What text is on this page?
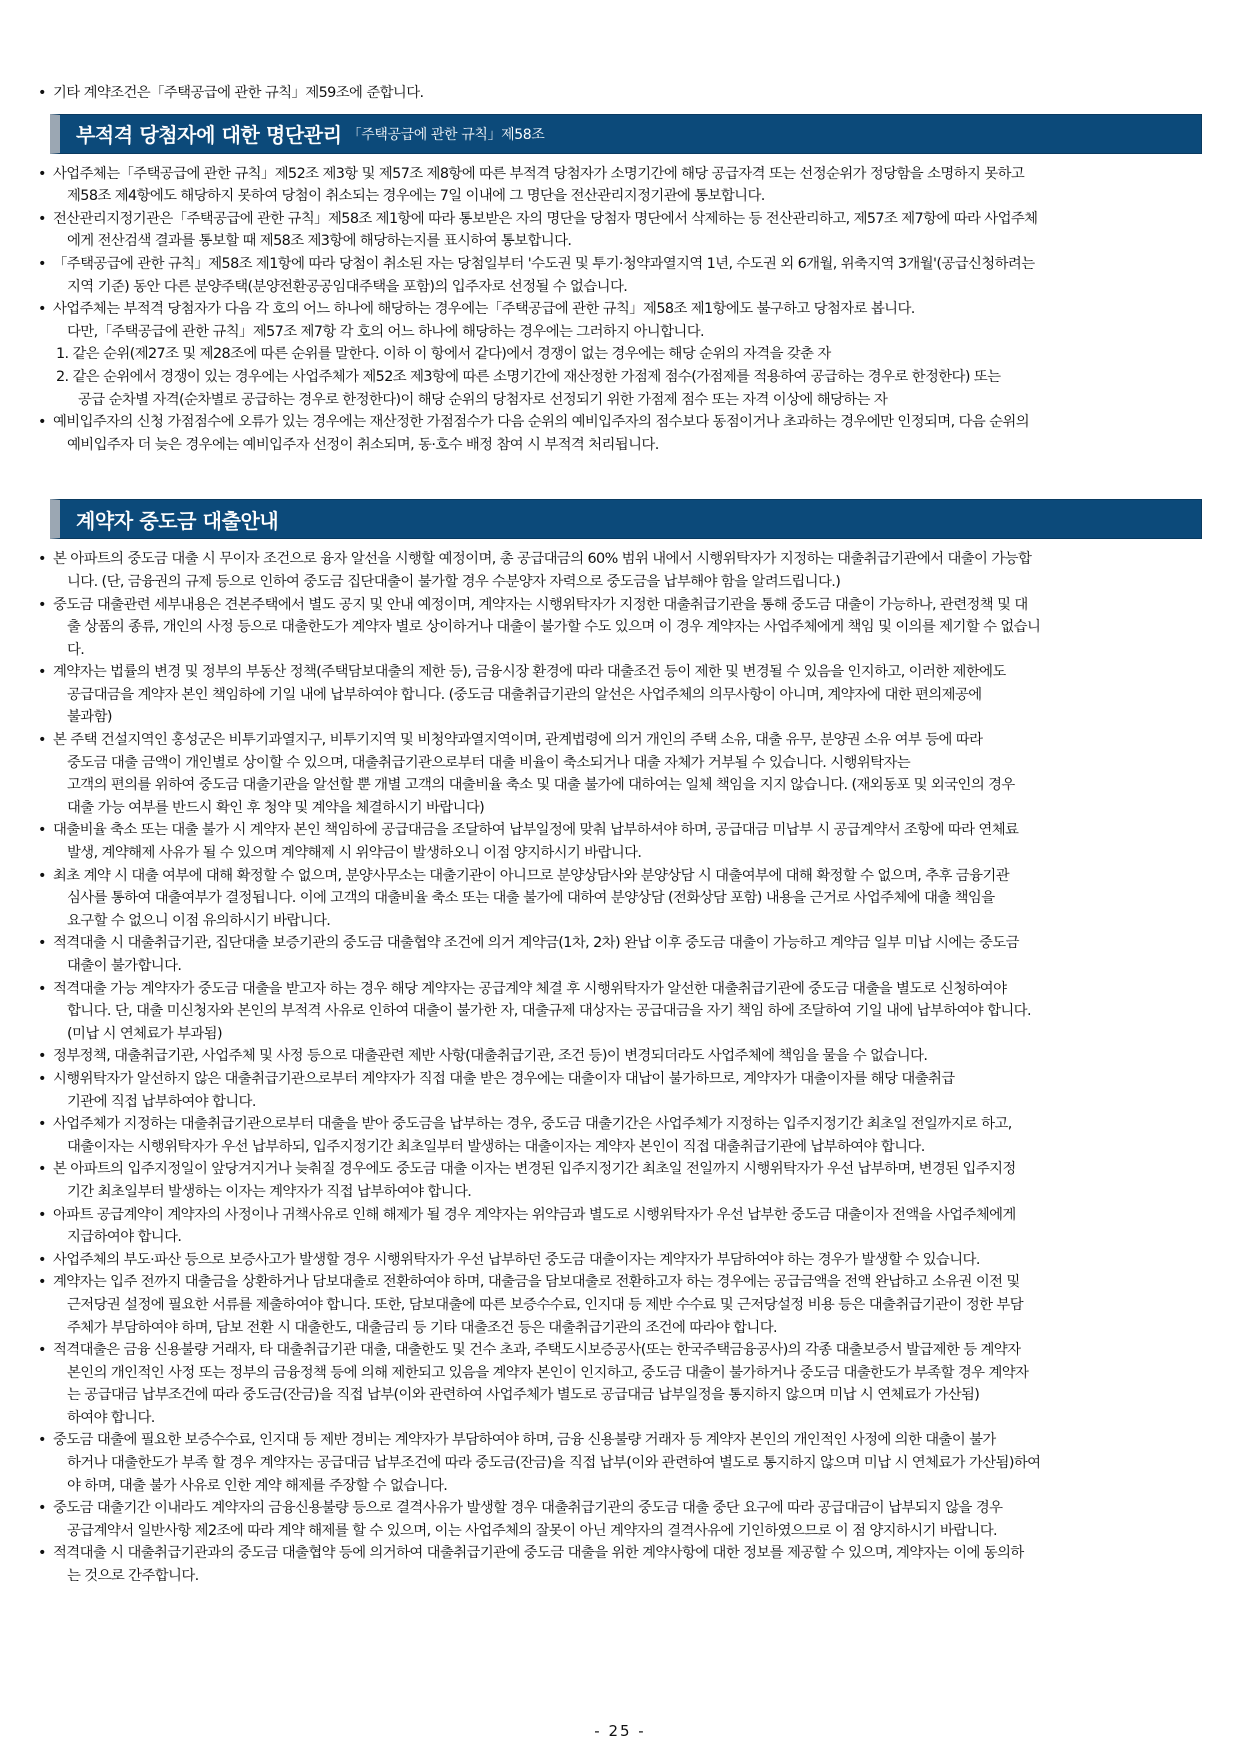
• 기타 계약조건은「주택공급에 관한 규칙」제59조에 준합니다.
부적격 당첨자에 대한 명단관리 「주택공급에 관한 규칙」제58조
• 사업주체는「주택공급에 관한 규칙」제52조 제3항 및 제57조 제8항에 따른 부적격 당첨자가 소명기간에 해당 공급자격 또는 선정순위가 정당함을 소명하지 못하고
제58조 제4항에도 해당하지 못하여 당첨이 취소되는 경우에는 7일 이내에 그 명단을 전산관리지정기관에 통보합니다.
• 전산관리지정기관은「주택공급에 관한 규칙」제58조 제1항에 따라 통보받은 자의 명단을 당첨자 명단에서 삭제하는 등 전산관리하고, 제57조 제7항에 따라 사업주체
에게 전산검색 결과를 통보할 때 제58조 제3항에 해당하는지를 표시하여 통보합니다.
• 「주택공급에 관한 규칙」제58조 제1항에 따라 당첨이 취소된 자는 당첨일부터 '수도권 및 투기·청약과열지역 1년, 수도권 외 6개월, 위축지역 3개월'(공급신청하려는
지역 기준) 동안 다른 분양주택(분양전환공공임대주택을 포함)의 입주자로 선정될 수 없습니다.
• 사업주체는 부적격 당첨자가 다음 각 호의 어느 하나에 해당하는 경우에는「주택공급에 관한 규칙」제58조 제1항에도 불구하고 당첨자로 봅니다.
다만,「주택공급에 관한 규칙」제57조 제7항 각 호의 어느 하나에 해당하는 경우에는 그러하지 아니합니다.
1. 같은 순위(제27조 및 제28조에 따른 순위를 말한다. 이하 이 항에서 같다)에서 경쟁이 없는 경우에는 해당 순위의 자격을 갖춘 자
2. 같은 순위에서 경쟁이 있는 경우에는 사업주체가 제52조 제3항에 따른 소명기간에 재산정한 가점제 점수(가점제를 적용하여 공급하는 경우로 한정한다) 또는
공급 순차별 자격(순차별로 공급하는 경우로 한정한다)이 해당 순위의 당첨자로 선정되기 위한 가점제 점수 또는 자격 이상에 해당하는 자
• 예비입주자의 신청 가점점수에 오류가 있는 경우에는 재산정한 가점점수가 다음 순위의 예비입주자의 점수보다 동점이거나 초과하는 경우에만 인정되며, 다음 순위의
예비입주자 더 늦은 경우에는 예비입주자 선정이 취소되며, 동·호수 배정 참여 시 부적격 처리됩니다.
계약자 중도금 대출안내
• 본 아파트의 중도금 대출 시 무이자 조건으로 융자 알선을 시행할 예정이며, 총 공급대금의 60% 범위 내에서 시행위탁자가 지정하는 대출취급기관에서 대출이 가능합
니다. (단, 금융권의 규제 등으로 인하여 중도금 집단대출이 불가할 경우 수분양자 자력으로 중도금을 납부해야 함을 알려드립니다.)
• 중도금 대출관련 세부내용은 견본주택에서 별도 공지 및 안내 예정이며, 계약자는 시행위탁자가 지정한 대출취급기관을 통해 중도금 대출이 가능하나, 관련정책 및 대
출 상품의 종류, 개인의 사정 등으로 대출한도가 계약자 별로 상이하거나 대출이 불가할 수도 있으며 이 경우 계약자는 사업주체에게 책임 및 이의를 제기할 수 없습니
다.
• 계약자는 법률의 변경 및 정부의 부동산 정책(주택담보대출의 제한 등), 금융시장 환경에 따라 대출조건 등이 제한 및 변경될 수 있음을 인지하고, 이러한 제한에도
공급대금을 계약자 본인 책임하에 기일 내에 납부하여야 합니다. (중도금 대출취급기관의 알선은 사업주체의 의무사항이 아니며, 계약자에 대한 편의제공에
불과함)
• 본 주택 건설지역인 홍성군은 비투기과열지구, 비투기지역 및 비청약과열지역이며, 관계법령에 의거 개인의 주택 소유, 대출 유무, 분양권 소유 여부 등에 따라
중도금 대출 금액이 개인별로 상이할 수 있으며, 대출취급기관으로부터 대출 비율이 축소되거나 대출 자체가 거부될 수 있습니다. 시행위탁자는
고객의 편의를 위하여 중도금 대출기관을 알선할 뿐 개별 고객의 대출비율 축소 및 대출 불가에 대하여는 일체 책임을 지지 않습니다. (재외동포 및 외국인의 경우
대출 가능 여부를 반드시 확인 후 청약 및 계약을 체결하시기 바랍니다)
• 대출비율 축소 또는 대출 불가 시 계약자 본인 책임하에 공급대금을 조달하여 납부일정에 맞춰 납부하셔야 하며, 공급대금 미납부 시 공급계약서 조항에 따라 연체료
발생, 계약해제 사유가 될 수 있으며 계약해제 시 위약금이 발생하오니 이점 양지하시기 바랍니다.
• 최초 계약 시 대출 여부에 대해 확정할 수 없으며, 분양사무소는 대출기관이 아니므로 분양상담사와 분양상담 시 대출여부에 대해 확정할 수 없으며, 추후 금융기관
심사를 통하여 대출여부가 결정됩니다. 이에 고객의 대출비율 축소 또는 대출 불가에 대하여 분양상담 (전화상담 포함) 내용을 근거로 사업주체에 대출 책임을
요구할 수 없으니 이점 유의하시기 바랍니다.
• 적격대출 시 대출취급기관, 집단대출 보증기관의 중도금 대출협약 조건에 의거 계약금(1차, 2차) 완납 이후 중도금 대출이 가능하고 계약금 일부 미납 시에는 중도금
대출이 불가합니다.
• 적격대출 가능 계약자가 중도금 대출을 받고자 하는 경우 해당 계약자는 공급계약 체결 후 시행위탁자가 알선한 대출취급기관에 중도금 대출을 별도로 신청하여야
합니다. 단, 대출 미신청자와 본인의 부적격 사유로 인하여 대출이 불가한 자, 대출규제 대상자는 공급대금을 자기 책임 하에 조달하여 기일 내에 납부하여야 합니다.
(미납 시 연체료가 부과됨)
• 정부정책, 대출취급기관, 사업주체 및 사정 등으로 대출관련 제반 사항(대출취급기관, 조건 등)이 변경되더라도 사업주체에 책임을 물을 수 없습니다.
• 시행위탁자가 알선하지 않은 대출취급기관으로부터 계약자가 직접 대출 받은 경우에는 대출이자 대납이 불가하므로, 계약자가 대출이자를 해당 대출취급
기관에 직접 납부하여야 합니다.
• 사업주체가 지정하는 대출취급기관으로부터 대출을 받아 중도금을 납부하는 경우, 중도금 대출기간은 사업주체가 지정하는 입주지정기간 최초일 전일까지로 하고,
대출이자는 시행위탁자가 우선 납부하되, 입주지정기간 최초일부터 발생하는 대출이자는 계약자 본인이 직접 대출취급기관에 납부하여야 합니다.
• 본 아파트의 입주지정일이 앞당겨지거나 늦춰질 경우에도 중도금 대출 이자는 변경된 입주지정기간 최초일 전일까지 시행위탁자가 우선 납부하며, 변경된 입주지정
기간 최초일부터 발생하는 이자는 계약자가 직접 납부하여야 합니다.
• 아파트 공급계약이 계약자의 사정이나 귀책사유로 인해 해제가 될 경우 계약자는 위약금과 별도로 시행위탁자가 우선 납부한 중도금 대출이자 전액을 사업주체에게
지급하여야 합니다.
• 사업주체의 부도·파산 등으로 보증사고가 발생할 경우 시행위탁자가 우선 납부하던 중도금 대출이자는 계약자가 부담하여야 하는 경우가 발생할 수 있습니다.
• 계약자는 입주 전까지 대출금을 상환하거나 담보대출로 전환하여야 하며, 대출금을 담보대출로 전환하고자 하는 경우에는 공급금액을 전액 완납하고 소유권 이전 및
근저당권 설정에 필요한 서류를 제출하여야 합니다. 또한, 담보대출에 따른 보증수수료, 인지대 등 제반 수수료 및 근저당설정 비용 등은 대출취급기관이 정한 부담
주체가 부담하여야 하며, 담보 전환 시 대출한도, 대출금리 등 기타 대출조건 등은 대출취급기관의 조건에 따라야 합니다.
• 적격대출은 금융 신용불량 거래자, 타 대출취급기관 대출, 대출한도 및 건수 초과, 주택도시보증공사(또는 한국주택금융공사)의 각종 대출보증서 발급제한 등 계약자
본인의 개인적인 사정 또는 정부의 금융정책 등에 의해 제한되고 있음을 계약자 본인이 인지하고, 중도금 대출이 불가하거나 중도금 대출한도가 부족할 경우 계약자
는 공급대금 납부조건에 따라 중도금(잔금)을 직접 납부(이와 관련하여 사업주체가 별도로 공급대금 납부일정을 통지하지 않으며 미납 시 연체료가 가산됨)
하여야 합니다.
• 중도금 대출에 필요한 보증수수료, 인지대 등 제반 경비는 계약자가 부담하여야 하며, 금융 신용불량 거래자 등 계약자 본인의 개인적인 사정에 의한 대출이 불가
하거나 대출한도가 부족 할 경우 계약자는 공급대금 납부조건에 따라 중도금(잔금)을 직접 납부(이와 관련하여 별도로 통지하지 않으며 미납 시 연체료가 가산됨)하여
야 하며, 대출 불가 사유로 인한 계약 해제를 주장할 수 없습니다.
• 중도금 대출기간 이내라도 계약자의 금융신용불량 등으로 결격사유가 발생할 경우 대출취급기관의 중도금 대출 중단 요구에 따라 공급대금이 납부되지 않을 경우
공급계약서 일반사항 제2조에 따라 계약 해제를 할 수 있으며, 이는 사업주체의 잘못이 아닌 계약자의 결격사유에 기인하였으므로 이 점 양지하시기 바랍니다.
• 적격대출 시 대출취급기관과의 중도금 대출협약 등에 의거하여 대출취급기관에 중도금 대출을 위한 계약사항에 대한 정보를 제공할 수 있으며, 계약자는 이에 동의하
는 것으로 간주합니다.
- 25 -
